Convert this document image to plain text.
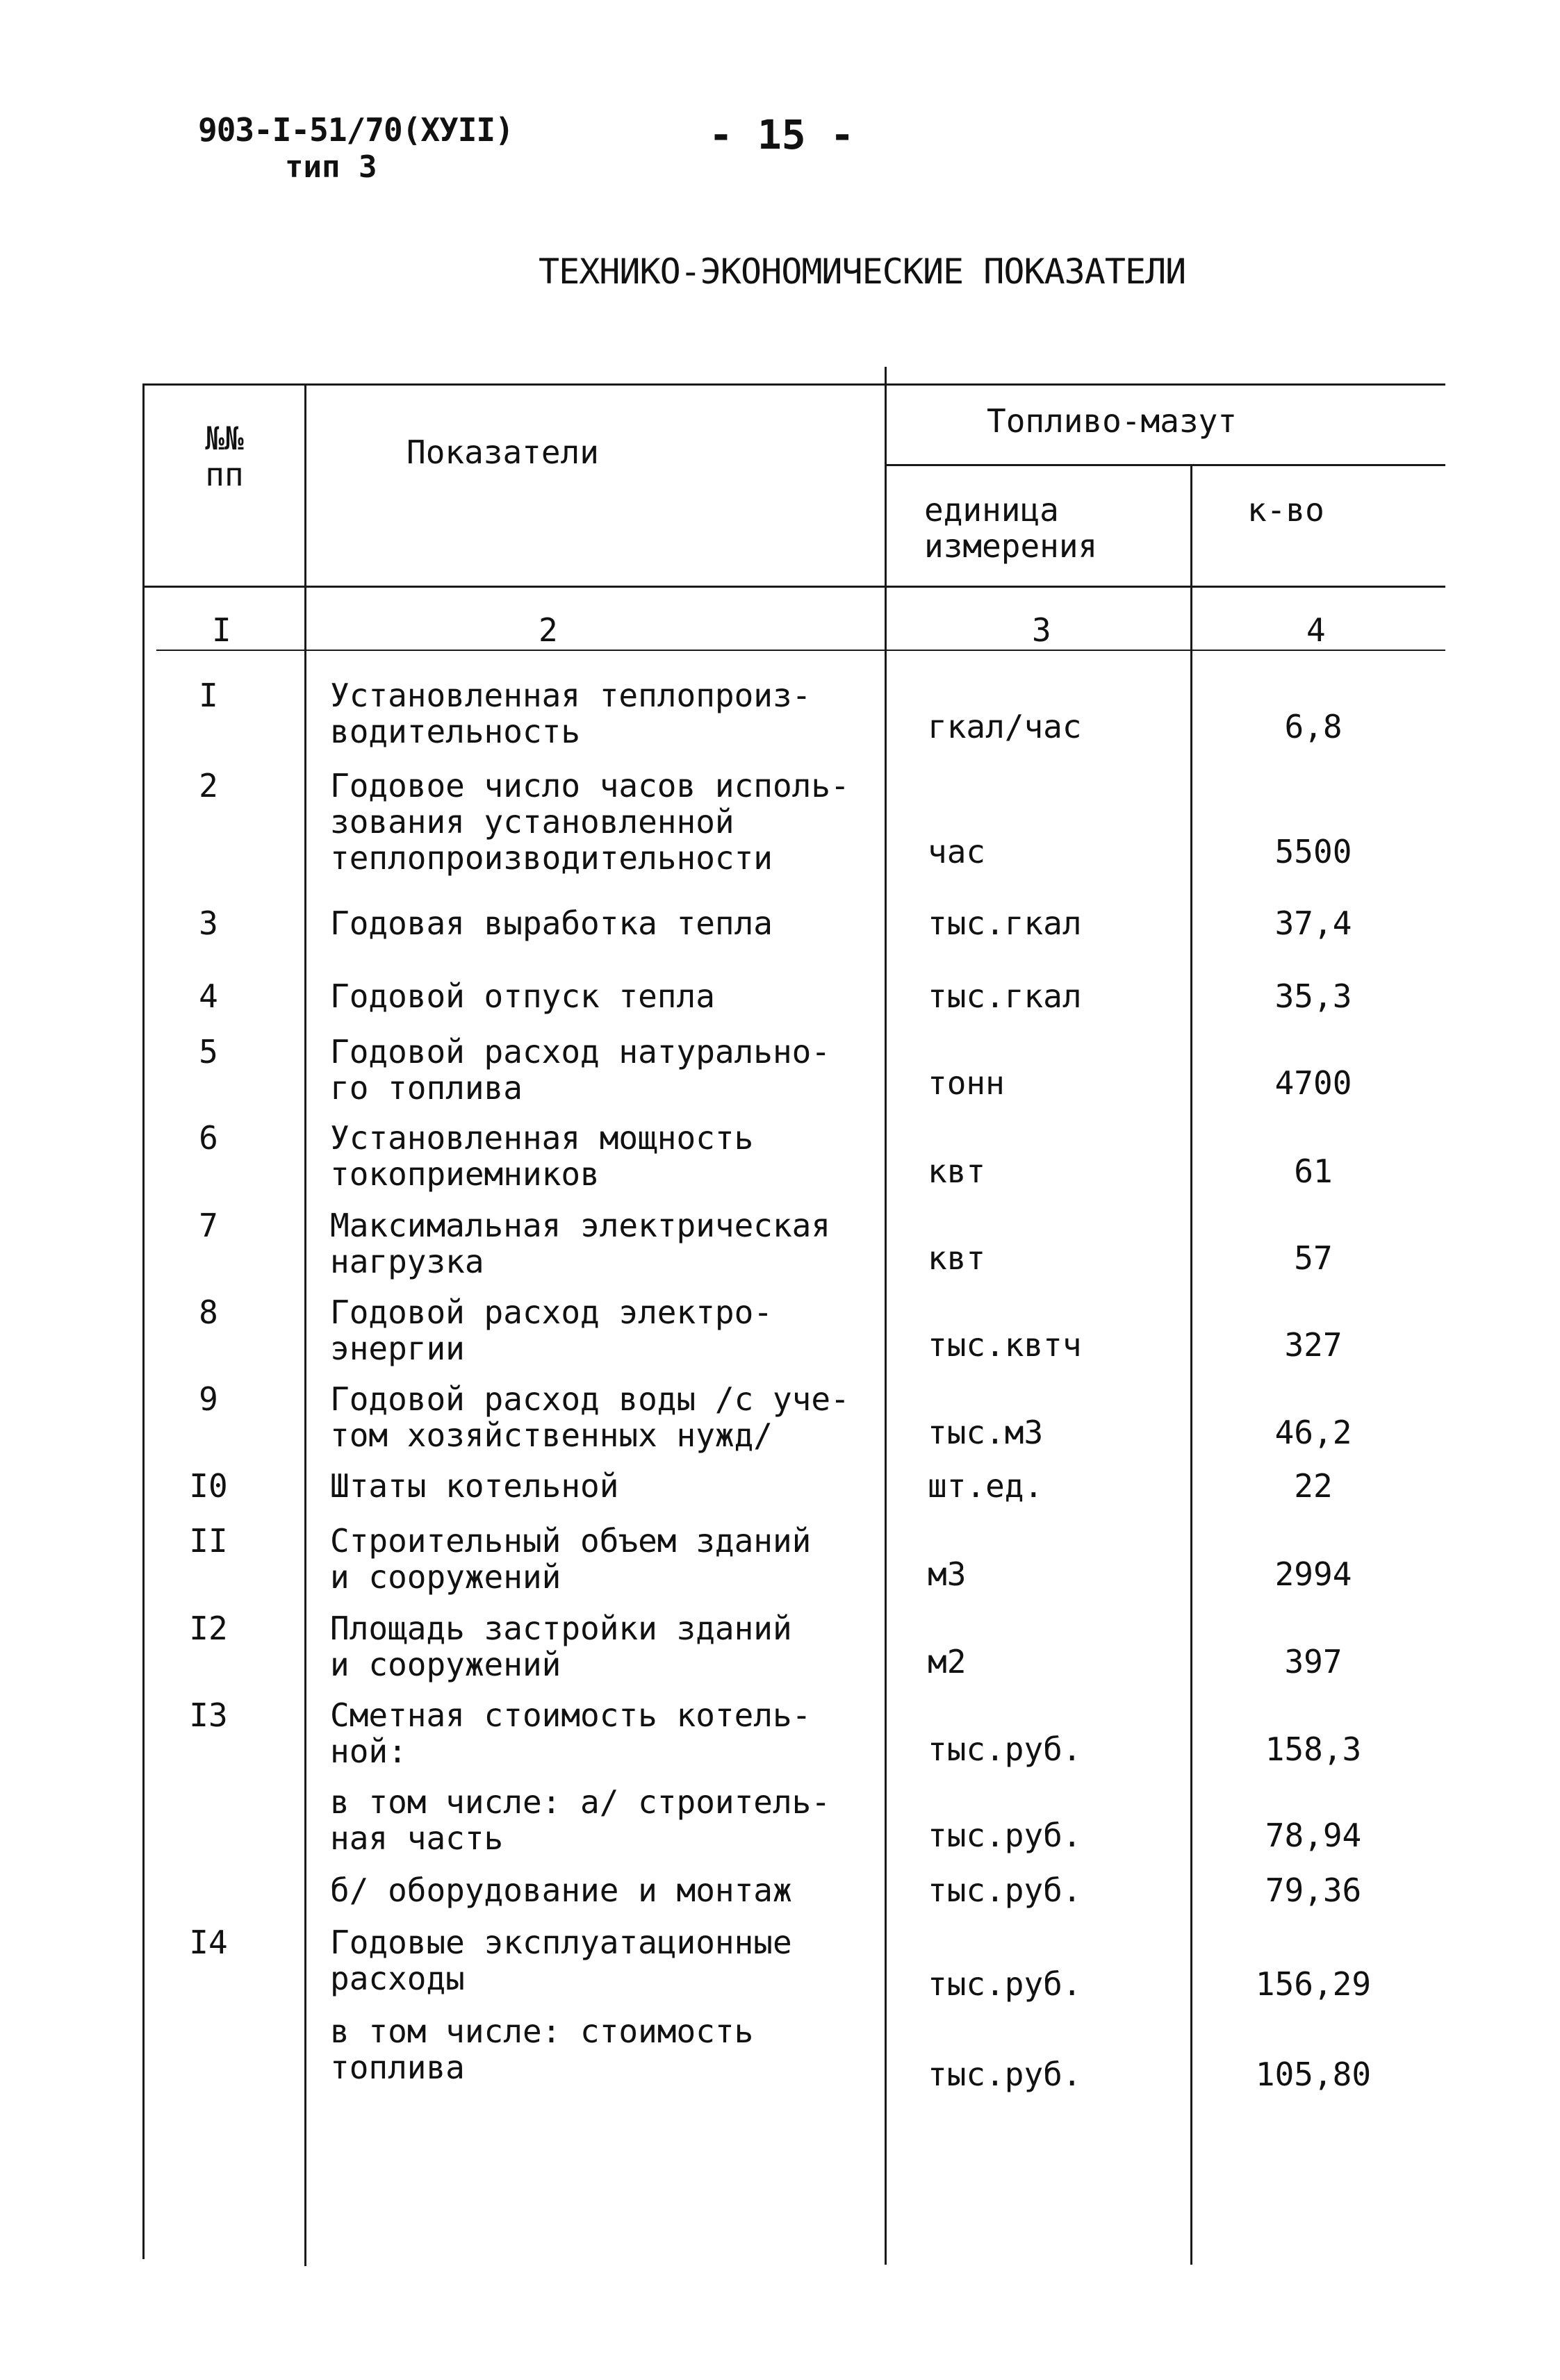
903-I-51/70(XУII)
тип 3
- 15 -
ТЕХНИКО-ЭКОНОМИЧЕСКИЕ ПОКАЗАТЕЛИ
№№
пп
Показатели
Топливо-мазут
единица
измерения
к-во
I	2	3	4
I	Установленная теплопроиз-
водительность	гкал/час	6,8
2	Годовое число часов исполь-
зования установленной
теплопроизводительности	час	5500
3	Годовая выработка тепла	тыс.гкал	37,4
4	Годовой отпуск тепла	тыс.гкал	35,3
5	Годовой расход натурально-
го топлива	тонн	4700
6	Установленная мощность
токоприемников	квт	61
7	Максимальная электрическая
нагрузка	квт	57
8	Годовой расход электро-
энергии	тыс.квтч	327
9	Годовой расход воды /с уче-
том хозяйственных нужд/	тыс.м3	46,2
I0	Штаты котельной	шт.ед.	22
II	Строительный объем зданий
и сооружений	м3	2994
I2	Площадь застройки зданий
и сооружений	м2	397
I3	Сметная стоимость котель-
ной:	тыс.руб.	158,3
в том числе: а/ строитель-
ная часть	тыс.руб.	78,94
б/ оборудование и монтаж	тыс.руб.	79,36
I4	Годовые эксплуатационные
расходы	тыс.руб.	156,29
в том числе: стоимость
топлива	тыс.руб.	105,80
